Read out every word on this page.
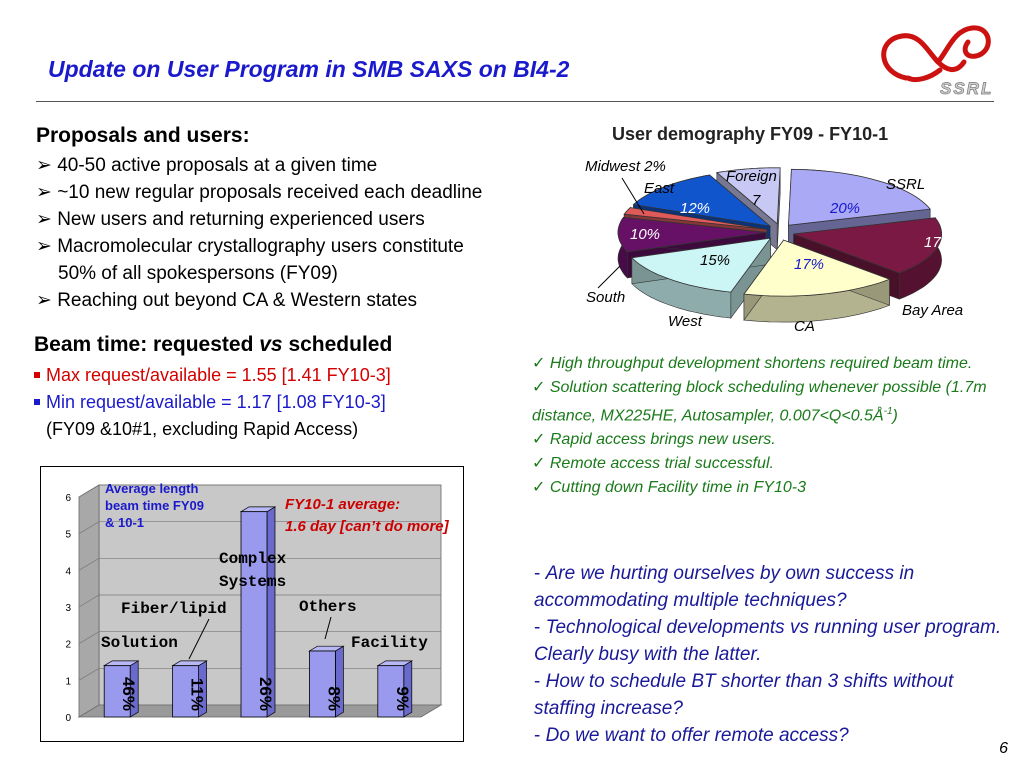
Update on User Program in SMB SAXS on BI4-2
SSRL
Proposals and users:
➢ 40-50 active proposals at a given time
➢ ~10 new regular proposals received each deadline
➢ New users and returning experienced users
➢ Macromolecular crystallography users constitute
50% of all spokespersons (FY09)
➢ Reaching out beyond CA & Western states
Beam time: requested vs scheduled
Max request/available = 1.55 [1.41 FY10-3]
Min request/available = 1.17 [1.08 FY10-3]
(FY09 &10#1, excluding Rapid Access)
User demography FY09 - FY10-1
SSRL
20%
Bay Area
17%
CA
17%
West
15%
South
10%
Midwest 2%
East
12%
Foreign
7
✓ High throughput development shortens required beam time.
✓ Solution scattering block scheduling whenever possible (1.7m distance, MX225HE, Autosampler, $0.007<Q<0.5Å^{-1}$)
✓ Rapid access brings new users.
✓ Remote access trial successful.
✓ Cutting down Facility time in FY10-3
- Are we hurting ourselves by own success in accommodating multiple techniques?
- Technological developments vs running user program. Clearly busy with the latter.
- How to schedule BT shorter than 3 shifts without staffing increase?
- Do we want to offer remote access?
0
1
2
3
4
5
6
46%	11%	26%	8%	9%
Solution
Fiber/lipid
Complex
Systems
Others
Facility
Average length
beam time FY09
& 10-1
FY10-1 average:
1.6 day [can’t do more]
6
